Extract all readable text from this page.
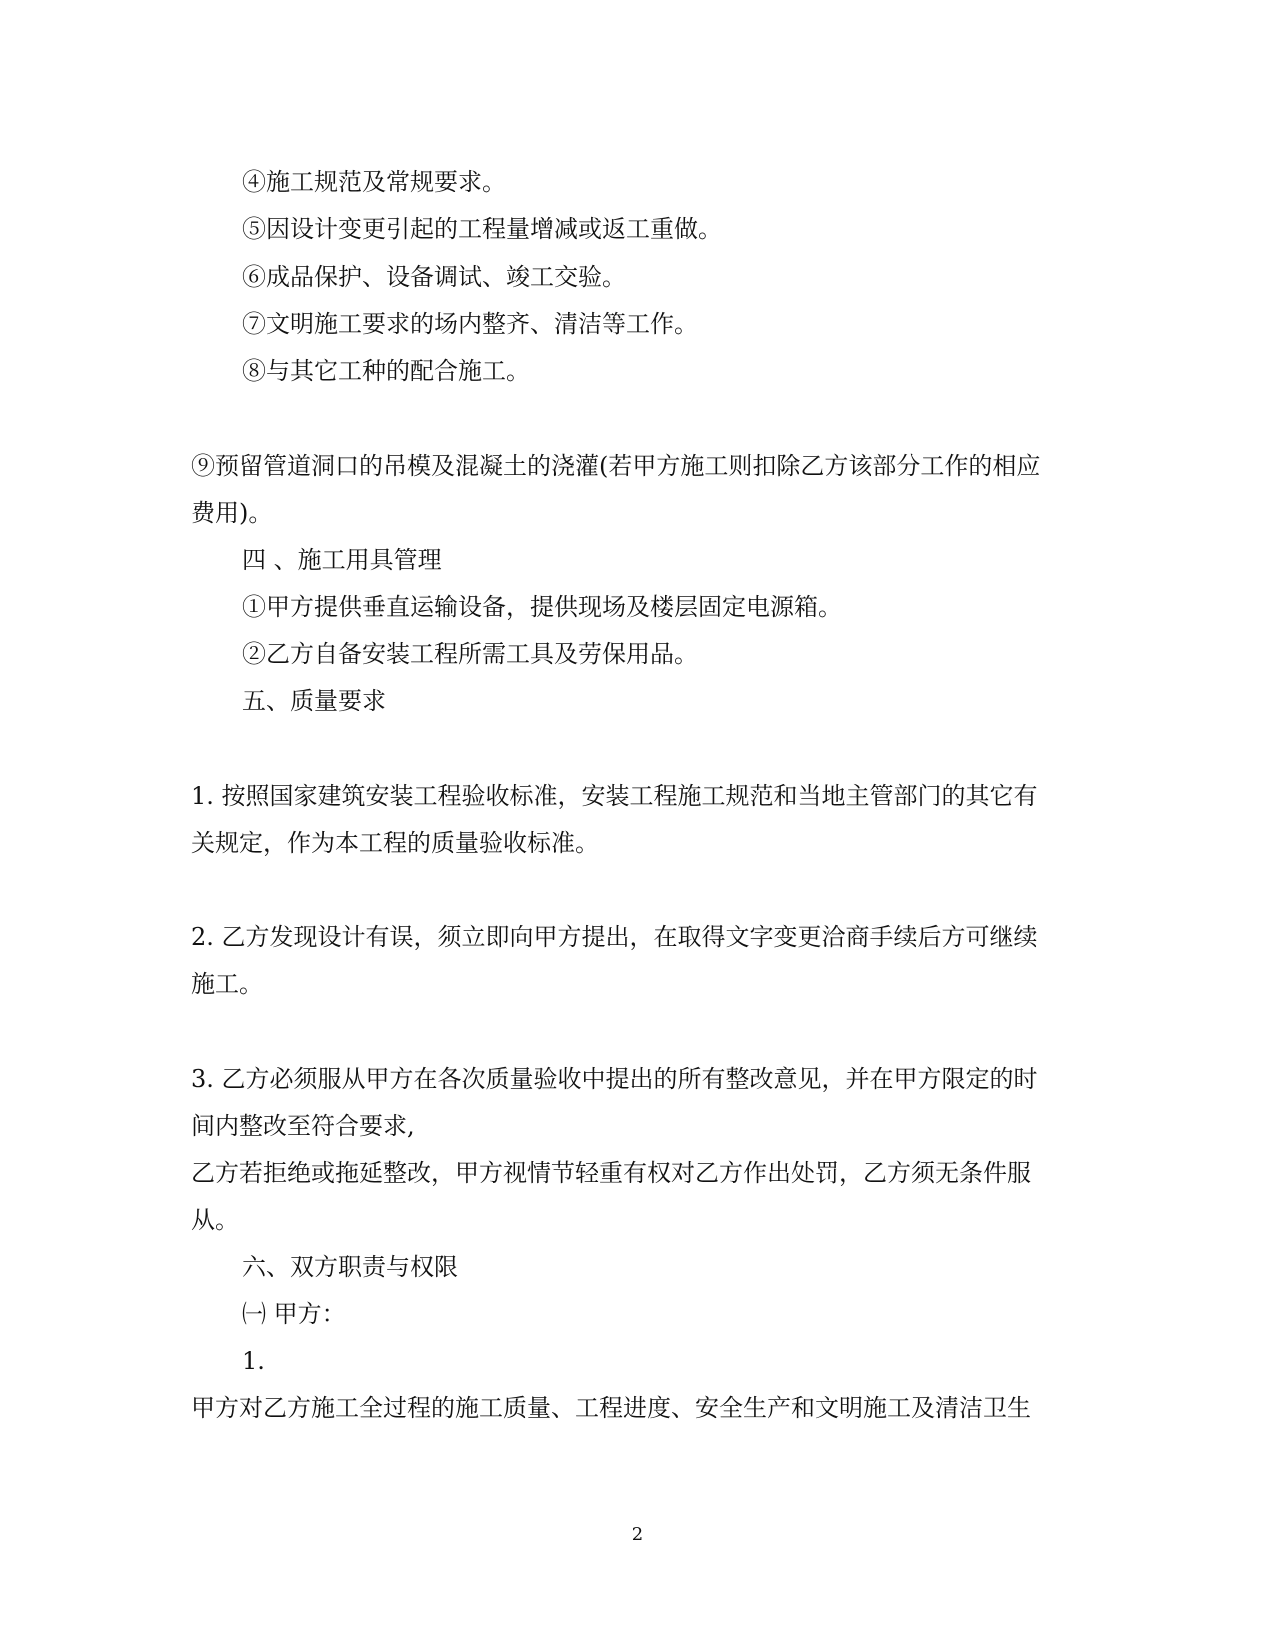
④施工规范及常规要求。
⑤因设计变更引起的工程量增减或返工重做。
⑥成品保护、设备调试、竣工交验。
⑦文明施工要求的场内整齐、清洁等工作。
⑧与其它工种的配合施工。
⑨预留管道洞口的吊模及混凝土的浇灌(若甲方施工则扣除乙方该部分工作的相应
费用)。
四 、施工用具管理
①甲方提供垂直运输设备，提供现场及楼层固定电源箱。
②乙方自备安装工程所需工具及劳保用品。
五、质量要求
1. 按照国家建筑安装工程验收标准，安装工程施工规范和当地主管部门的其它有
关规定，作为本工程的质量验收标准。
2. 乙方发现设计有误，须立即向甲方提出，在取得文字变更洽商手续后方可继续
施工。
3. 乙方必须服从甲方在各次质量验收中提出的所有整改意见，并在甲方限定的时
间内整改至符合要求,
乙方若拒绝或拖延整改，甲方视情节轻重有权对乙方作出处罚，乙方须无条件服
从。
六、双方职责与权限
㈠ 甲方：
1.
甲方对乙方施工全过程的施工质量、工程进度、安全生产和文明施工及清洁卫生
2
